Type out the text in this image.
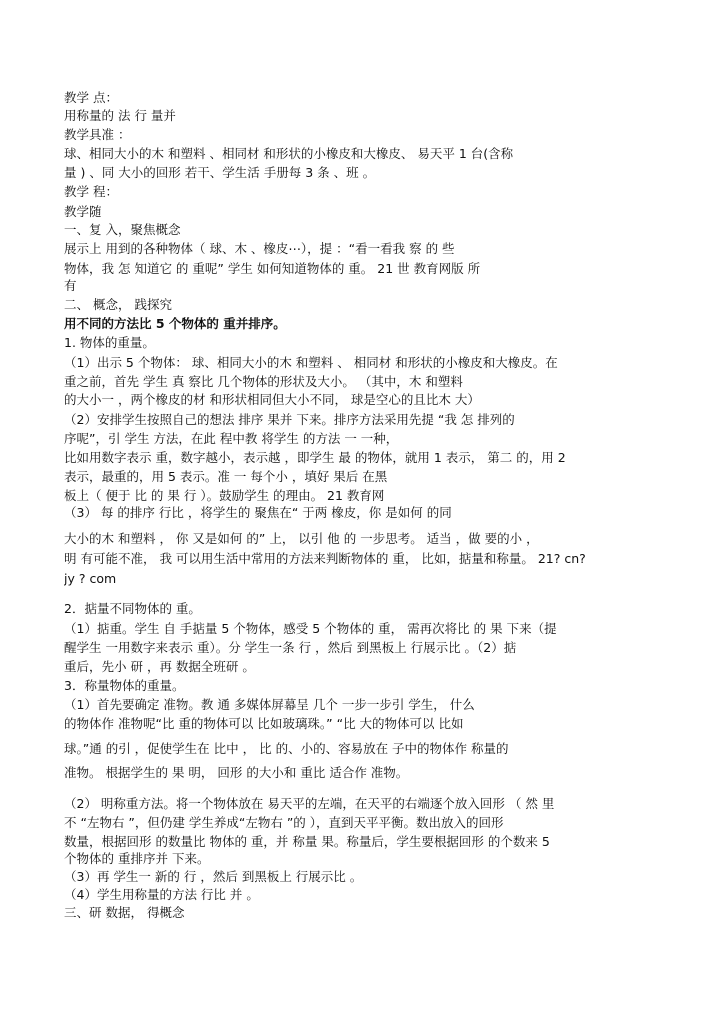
教学 点：
用称量的 法 行 量并
教学具准 ：
球、相同大小的木 和塑料 、相同材 和形状的小橡皮和大橡皮、 易天平 1 台(含称
量 ) 、同 大小的回形 若干、学生活 手册每 3 条 、班 。
教学 程：
教学随
一、复 入，聚焦概念
展示上 用到的各种物体（ 球、木 、橡皮⋯），提 ：“看一看我 察 的 些
物体，我 怎 知道它 的 重呢” 学生 如何知道物体的 重。 21 世 教育网版 所
有
二、 概念， 践探究
用不同的方法比 5 个物体的 重并排序。
1. 物体的重量。
（1）出示 5 个物体： 球、相同大小的木 和塑料 、 相同材 和形状的小橡皮和大橡皮。在
重之前，首先 学生 真 察比 几个物体的形状及大小。 （其中，木 和塑料
的大小一 ，两个橡皮的材 和形状相同但大小不同， 球是空心的且比木 大）
（2）安排学生按照自己的想法 排序 果并 下来。排序方法采用先提 “我 怎 排列的
序呢”，引 学生 方法，在此 程中教 将学生 的方法 一 一种，
比如用数字表示 重，数字越小，表示越 ，即学生 最 的物体，就用 1 表示， 第二 的，用 2
表示，最重的，用 5 表示。准 一 每个小 ，填好 果后 在黑
板上（ 便于 比 的 果 行 ）。鼓励学生 的理由。 21 教育网
（3） 每 的排序 行比 ，将学生的 聚焦在“ 于两 橡皮，你 是如何 的同
大小的木 和塑料 ， 你 又是如何 的” 上， 以引 他 的 一步思考。 适当 ，做 要的小 ，
明 有可能不准， 我 可以用生活中常用的方法来判断物体的 重， 比如，掂量和称量。 21? cn?
jy ? com
2．掂量不同物体的 重。
（1）掂重。学生 自 手掂量 5 个物体，感受 5 个物体的 重， 需再次将比 的 果 下来（提
醒学生 一用数字来表示 重）。分 学生一条 行 ，然后 到黑板上 行展示比 。（2）掂
重后，先小 研 ，再 数据全班研 。
3．称量物体的重量。
（1）首先要确定 准物。教 通 多媒体屏幕呈 几个 一步一步引 学生， 什么
的物体作 准物呢“比 重的物体可以 比如玻璃珠。” “比 大的物体可以 比如
球。”通 的引 ，促使学生在 比中 ， 比 的、小的、容易放在 子中的物体作 称量的
准物。 根据学生的 果 明， 回形 的大小和 重比 适合作 准物。
（2） 明称重方法。将一个物体放在 易天平的左端，在天平的右端逐个放入回形 （ 然 里
不 “左物右 ”，但仍建 学生养成“左物右 ”的 ），直到天平平衡。数出放入的回形
数量，根据回形 的数量比 物体的 重，并 称量 果。称量后，学生要根据回形 的个数来 5
个物体的 重排序并 下来。
（3）再 学生一 新的 行 ，然后 到黑板上 行展示比 。
（4）学生用称量的方法 行比 并 。
三、研 数据， 得概念
